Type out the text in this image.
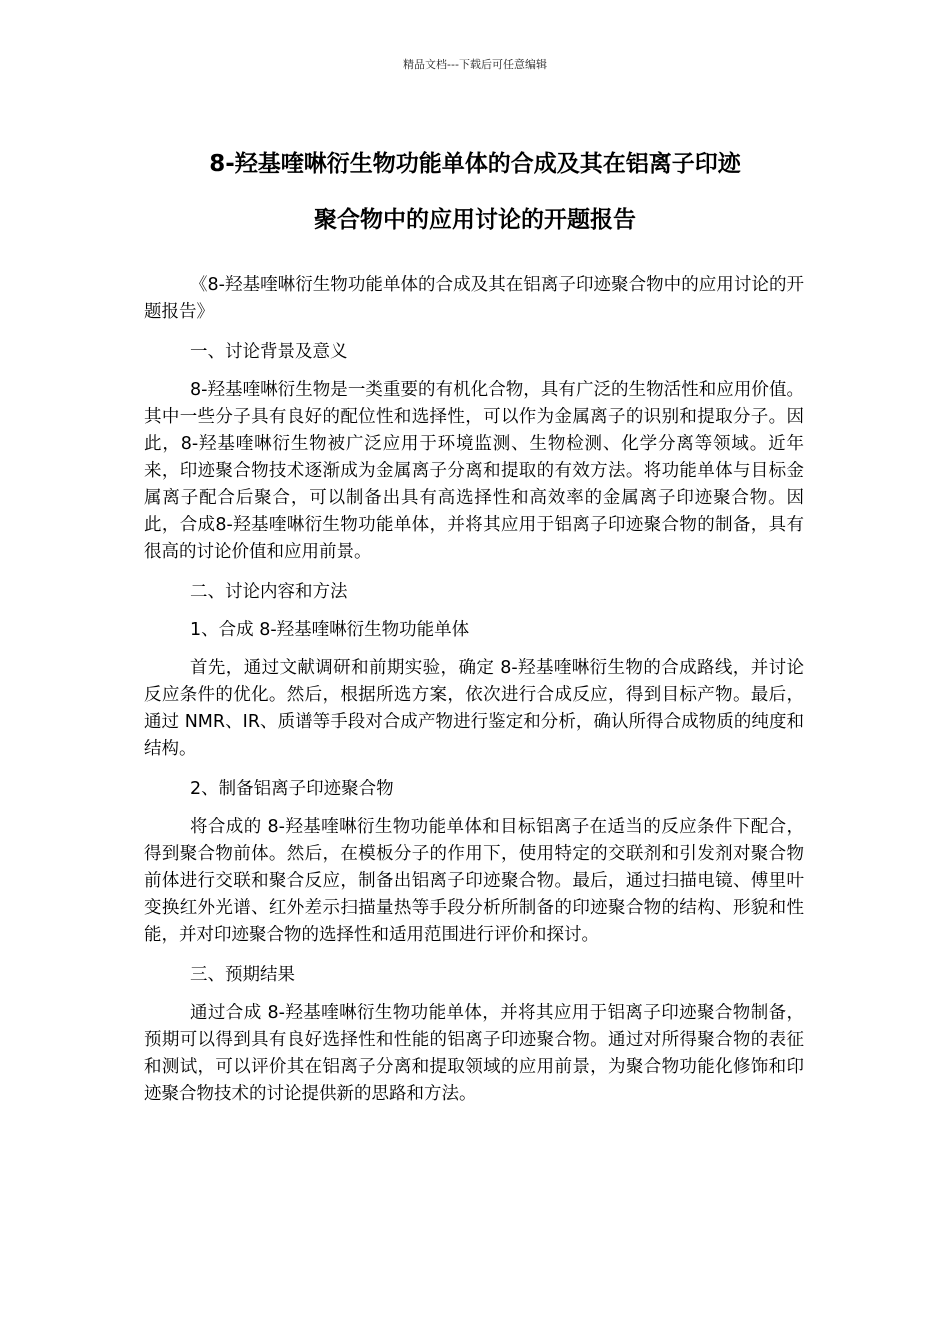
精品文档---下载后可任意编辑
8-羟基喹啉衍生物功能单体的合成及其在铝离子印迹
聚合物中的应用讨论的开题报告

《8-羟基喹啉衍生物功能单体的合成及其在铝离子印迹聚合物中的应用讨论的开题报告》

一、讨论背景及意义

8-羟基喹啉衍生物是一类重要的有机化合物，具有广泛的生物活性和应用价值。其中一些分子具有良好的配位性和选择性，可以作为金属离子的识别和提取分子。因此，8-羟基喹啉衍生物被广泛应用于环境监测、生物检测、化学分离等领域。近年来，印迹聚合物技术逐渐成为金属离子分离和提取的有效方法。将功能单体与目标金属离子配合后聚合，可以制备出具有高选择性和高效率的金属离子印迹聚合物。因此，合成8-羟基喹啉衍生物功能单体，并将其应用于铝离子印迹聚合物的制备，具有很高的讨论价值和应用前景。

二、讨论内容和方法

1、合成 8-羟基喹啉衍生物功能单体

首先，通过文献调研和前期实验，确定 8-羟基喹啉衍生物的合成路线，并讨论反应条件的优化。然后，根据所选方案，依次进行合成反应，得到目标产物。最后，通过 NMR、IR、质谱等手段对合成产物进行鉴定和分析，确认所得合成物质的纯度和结构。

2、制备铝离子印迹聚合物

将合成的 8-羟基喹啉衍生物功能单体和目标铝离子在适当的反应条件下配合，得到聚合物前体。然后，在模板分子的作用下，使用特定的交联剂和引发剂对聚合物前体进行交联和聚合反应，制备出铝离子印迹聚合物。最后，通过扫描电镜、傅里叶变换红外光谱、红外差示扫描量热等手段分析所制备的印迹聚合物的结构、形貌和性能，并对印迹聚合物的选择性和适用范围进行评价和探讨。

三、预期结果

通过合成 8-羟基喹啉衍生物功能单体，并将其应用于铝离子印迹聚合物制备，预期可以得到具有良好选择性和性能的铝离子印迹聚合物。通过对所得聚合物的表征和测试，可以评价其在铝离子分离和提取领域的应用前景，为聚合物功能化修饰和印迹聚合物技术的讨论提供新的思路和方法。
